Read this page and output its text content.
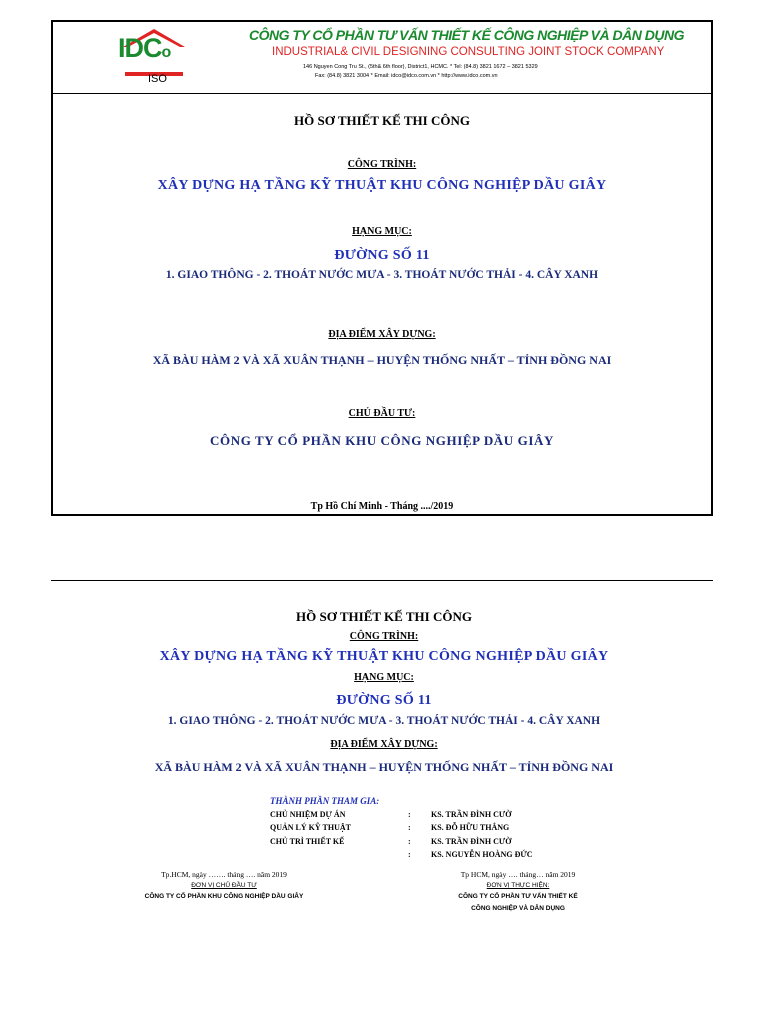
IDCo
ISO
CÔNG TY CỔ PHẦN TƯ VẤN THIẾT KẾ CÔNG NGHIỆP VÀ DÂN DỤNG
INDUSTRIAL& CIVIL DESIGNING CONSULTING JOINT STOCK COMPANY
146 Nguyen Cong Tru St., (5th& 6th floor), District1, HCMC. * Tel: (84.8) 3821 1672 – 3821 5329
Fax: (84.8) 3821 3004 * Email: idco@idco.com.vn * http://www.idco.com.vn
HỒ SƠ THIẾT KẾ THI CÔNG
CÔNG TRÌNH:
XÂY DỰNG HẠ TẦNG KỸ THUẬT KHU CÔNG NGHIỆP DẦU GIÂY
HẠNG MỤC:
ĐƯỜNG SỐ 11
1. GIAO THÔNG - 2. THOÁT NƯỚC MƯA - 3. THOÁT NƯỚC THẢI - 4. CÂY XANH
ĐỊA ĐIỂM XÂY DỰNG:
XÃ BÀU HÀM 2 VÀ XÃ XUÂN THẠNH – HUYỆN THỐNG NHẤT – TỈNH ĐỒNG NAI
CHỦ ĐẦU TƯ:
CÔNG TY CỔ PHẦN KHU CÔNG NGHIỆP DẦU GIÂY
Tp Hồ Chí Minh - Tháng ..../2019
HỒ SƠ THIẾT KẾ THI CÔNG
CÔNG TRÌNH:
XÂY DỰNG HẠ TẦNG KỸ THUẬT KHU CÔNG NGHIỆP DẦU GIÂY
HẠNG MỤC:
ĐƯỜNG SỐ 11
1. GIAO THÔNG - 2. THOÁT NƯỚC MƯA - 3. THOÁT NƯỚC THẢI - 4. CÂY XANH
ĐỊA ĐIỂM XÂY DỰNG:
XÃ BÀU HÀM 2 VÀ XÃ XUÂN THẠNH – HUYỆN THỐNG NHẤT – TỈNH ĐỒNG NAI
THÀNH PHẦN THAM GIA:
CHỦ NHIỆM DỰ ÁN	:	KS. TRẦN ĐÌNH CƯỜ
QUẢN LÝ KỸ THUẬT	:	KS. ĐỖ HỮU THẮNG
CHỦ TRÌ THIẾT KẾ	:	KS. TRẦN ĐÌNH CƯỜ
:	KS. NGUYỄN HOÀNG ĐỨC
Tp.HCM, ngày ……. tháng …. năm 2019
ĐƠN VỊ CHỦ ĐẦU TƯ
CÔNG TY CỔ PHẦN KHU CÔNG NGHIỆP DẦU GIÂY
Tp HCM, ngày …. tháng… năm 2019
ĐƠN VỊ THỰC HIỆN:
CÔNG TY CỔ PHẦN TƯ VẤN THIẾT KẾ
CÔNG NGHIỆP VÀ DÂN DỤNG
